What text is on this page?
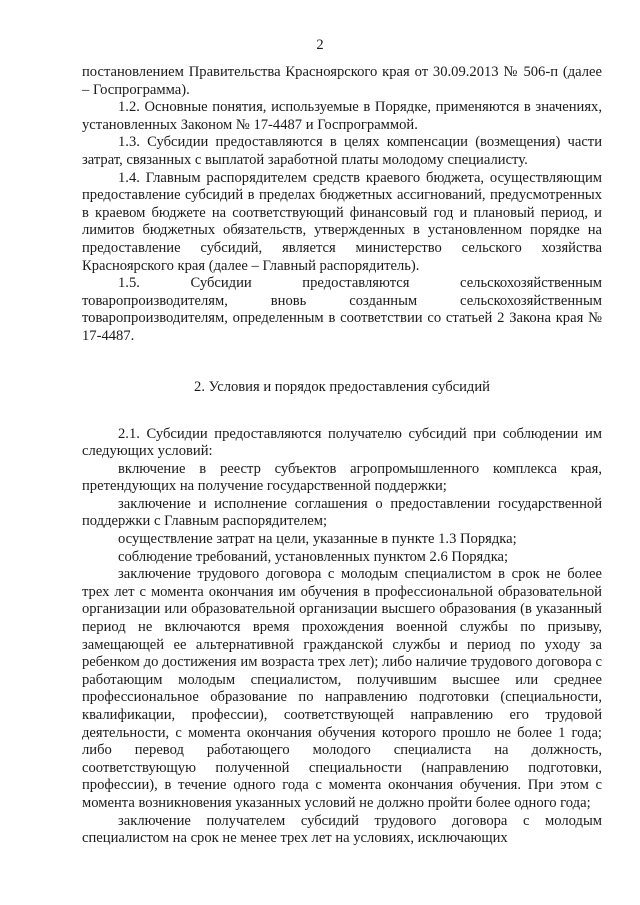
2

постановлением Правительства Красноярского края от 30.09.2013 № 506-п (далее – Госпрограмма).

1.2. Основные понятия, используемые в Порядке, применяются в значениях, установленных Законом № 17-4487 и Госпрограммой.

1.3. Субсидии предоставляются в целях компенсации (возмещения) части затрат, связанных с выплатой заработной платы молодому специалисту.

1.4. Главным распорядителем средств краевого бюджета, осуществляющим предоставление субсидий в пределах бюджетных ассигнований, предусмотренных в краевом бюджете на соответствующий финансовый год и плановый период, и лимитов бюджетных обязательств, утвержденных в установленном порядке на предоставление субсидий, является министерство сельского хозяйства Красноярского края (далее – Главный распорядитель).

1.5. Субсидии предоставляются сельскохозяйственным товаропроизводителям, вновь созданным сельскохозяйственным товаропроизводителям, определенным в соответствии со статьей 2 Закона края № 17-4487.

2. Условия и порядок предоставления субсидий

2.1. Субсидии предоставляются получателю субсидий при соблюдении им следующих условий:

включение в реестр субъектов агропромышленного комплекса края, претендующих на получение государственной поддержки;

заключение и исполнение соглашения о предоставлении государственной поддержки с Главным распорядителем;

осуществление затрат на цели, указанные в пункте 1.3 Порядка;

соблюдение требований, установленных пунктом 2.6 Порядка;

заключение трудового договора с молодым специалистом в срок не более трех лет с момента окончания им обучения в профессиональной образовательной организации или образовательной организации высшего образования (в указанный период не включаются время прохождения военной службы по призыву, замещающей ее альтернативной гражданской службы и период по уходу за ребенком до достижения им возраста трех лет); либо наличие трудового договора с работающим молодым специалистом, получившим высшее или среднее профессиональное образование по направлению подготовки (специальности, квалификации, профессии), соответствующей направлению его трудовой деятельности, с момента окончания обучения которого прошло не более 1 года; либо перевод работающего молодого специалиста на должность, соответствующую полученной специальности (направлению подготовки, профессии), в течение одного года с момента окончания обучения. При этом с момента возникновения указанных условий не должно пройти более одного года;

заключение получателем субсидий трудового договора с молодым специалистом на срок не менее трех лет на условиях, исключающих
